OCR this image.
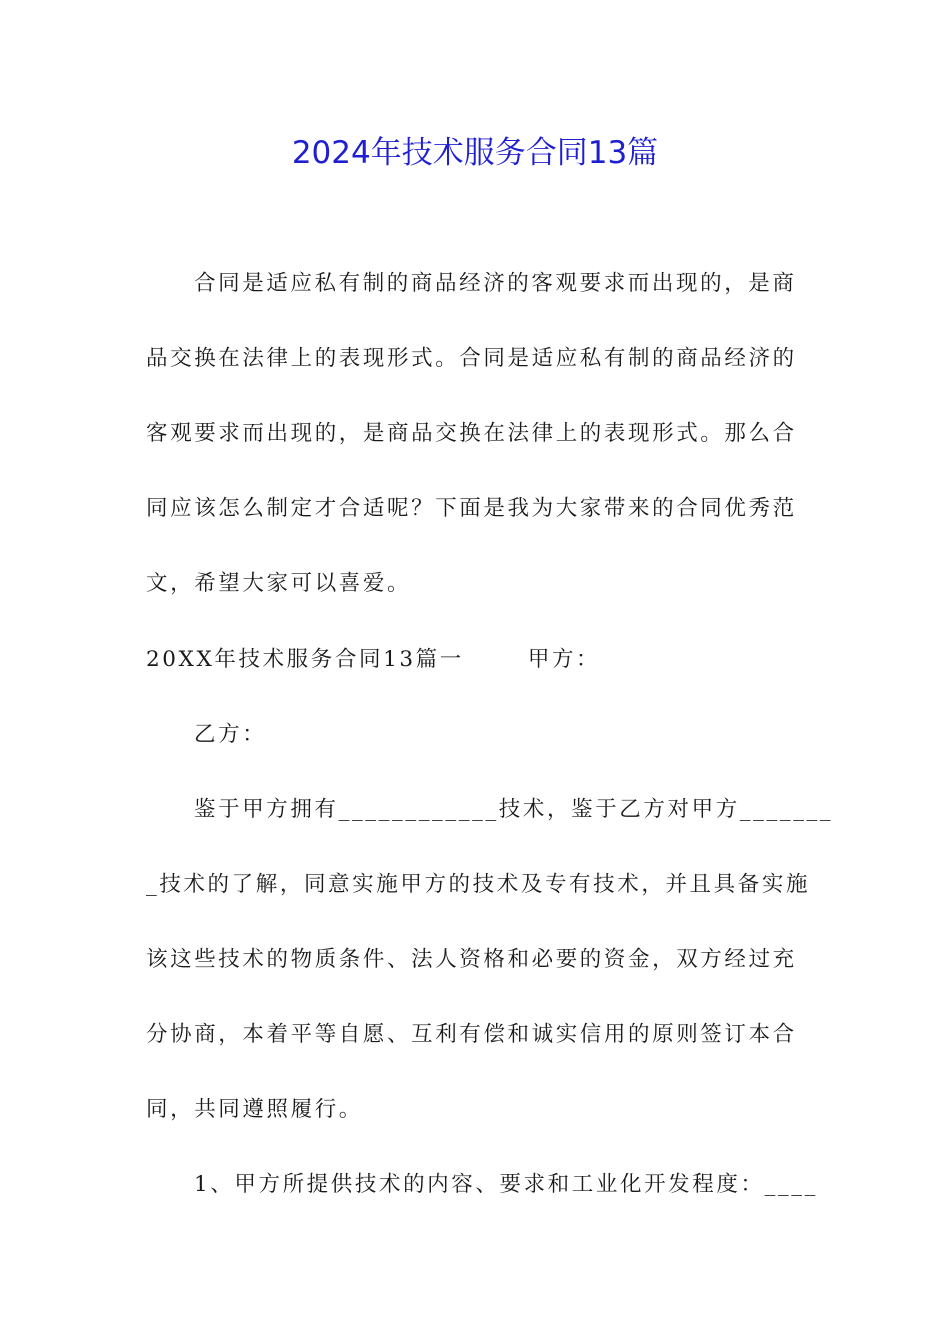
2024年技术服务合同13篇
合同是适应私有制的商品经济的客观要求而出现的，是商
品交换在法律上的表现形式。合同是适应私有制的商品经济的
客观要求而出现的，是商品交换在法律上的表现形式。那么合
同应该怎么制定才合适呢？下面是我为大家带来的合同优秀范
文，希望大家可以喜爱。
20XX年技术服务合同13篇一	甲方：
乙方：
鉴于甲方拥有____________技术，鉴于乙方对甲方_______
_技术的了解，同意实施甲方的技术及专有技术，并且具备实施
该这些技术的物质条件、法人资格和必要的资金，双方经过充
分协商，本着平等自愿、互利有偿和诚实信用的原则签订本合
同，共同遵照履行。
1、甲方所提供技术的内容、要求和工业化开发程度：____
